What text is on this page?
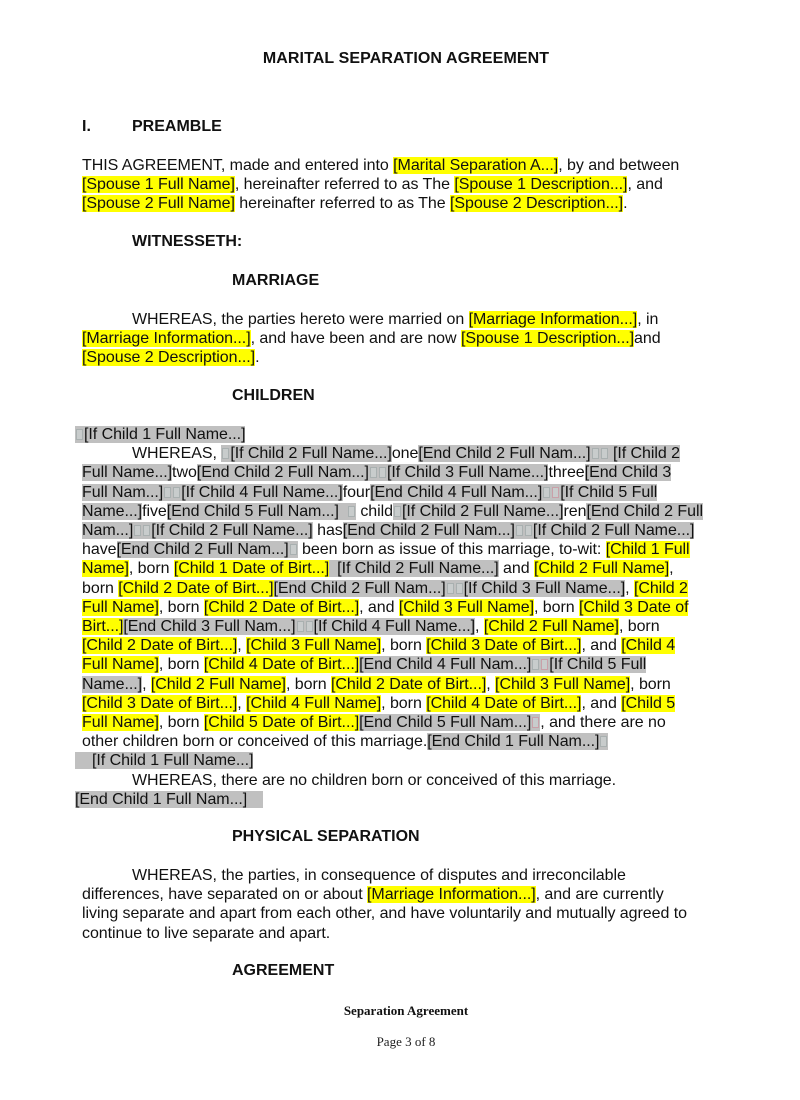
MARITAL SEPARATION AGREEMENT
I.	PREAMBLE
THIS AGREEMENT, made and entered into [Marital Separation A...], by and between
[Spouse 1 Full Name], hereinafter referred to as The [Spouse 1 Description...], and
[Spouse 2 Full Name] hereinafter referred to as The [Spouse 2 Description...].
WITNESSETH:
MARRIAGE
WHEREAS, the parties hereto were married on [Marriage Information...], in
[Marriage Information...], and have been and are now [Spouse 1 Description...]and
[Spouse 2 Description...].
CHILDREN
[If Child 1 Full Name...]
WHEREAS, [If Child 2 Full Name...]one[End Child 2 Full Nam...] [If Child 2
Full Name...]two[End Child 2 Full Nam...] [If Child 3 Full Name...]three[End Child 3
Full Nam...] [If Child 4 Full Name...]four[End Child 4 Full Nam...] [If Child 5 Full
Name...]five[End Child 5 Full Nam...] child [If Child 2 Full Name...]ren[End Child 2 Full
Nam...] [If Child 2 Full Name...] has[End Child 2 Full Nam...] [If Child 2 Full Name...]
have[End Child 2 Full Nam...] been born as issue of this marriage, to-wit: [Child 1 Full
Name], born [Child 1 Date of Birt...] [If Child 2 Full Name...] and [Child 2 Full Name],
born [Child 2 Date of Birt...][End Child 2 Full Nam...] [If Child 3 Full Name...], [Child 2
Full Name], born [Child 2 Date of Birt...], and [Child 3 Full Name], born [Child 3 Date of
Birt...][End Child 3 Full Nam...] [If Child 4 Full Name...], [Child 2 Full Name], born
[Child 2 Date of Birt...], [Child 3 Full Name], born [Child 3 Date of Birt...], and [Child 4
Full Name], born [Child 4 Date of Birt...][End Child 4 Full Nam...] [If Child 5 Full
Name...], [Child 2 Full Name], born [Child 2 Date of Birt...], [Child 3 Full Name], born
[Child 3 Date of Birt...], [Child 4 Full Name], born [Child 4 Date of Birt...], and [Child 5
Full Name], born [Child 5 Date of Birt...][End Child 5 Full Nam...] , and there are no
other children born or conceived of this marriage.[End Child 1 Full Nam...]
[If Child 1 Full Name...]
WHEREAS, there are no children born or conceived of this marriage.
[End Child 1 Full Nam...]
PHYSICAL SEPARATION
WHEREAS, the parties, in consequence of disputes and irreconcilable
differences, have separated on or about [Marriage Information...], and are currently
living separate and apart from each other, and have voluntarily and mutually agreed to
continue to live separate and apart.
AGREEMENT
Separation Agreement
Page 3 of 8
